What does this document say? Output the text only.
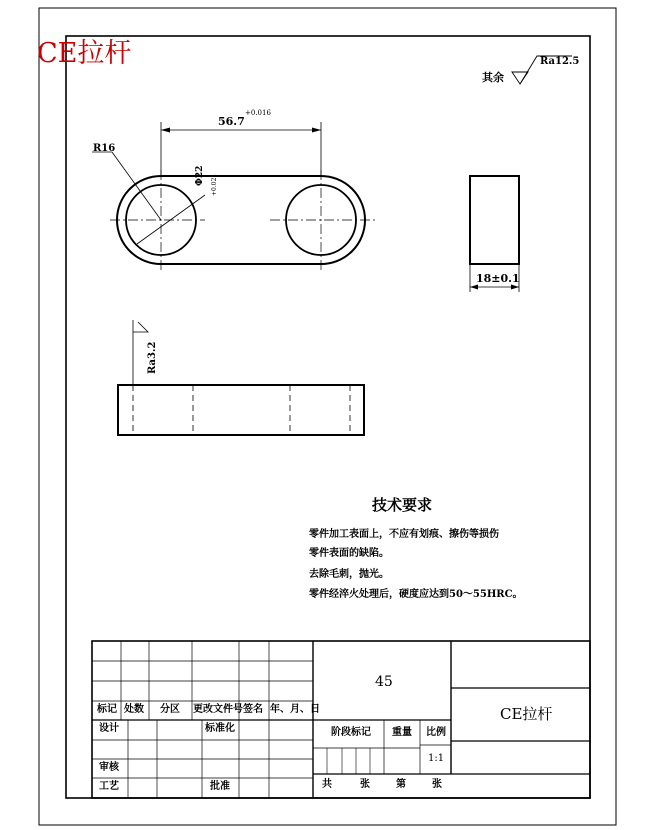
CE拉杆
其余
Ra12.5
56.7
+0.016
R16
Φ22 +0.021
18±0.1
Ra3.2
技术要求
零件加工表面上，不应有划痕、擦伤等损伤
零件表面的缺陷。
去除毛刺，抛光。
零件经淬火处理后，硬度应达到50～55HRC。
45
CE拉杆
标记 处数 分区 更改文件号 签名 年、月、日
设计	标准化
审核
工艺	批准
阶段标记 重量 比例
1:1
共	张	第	张
